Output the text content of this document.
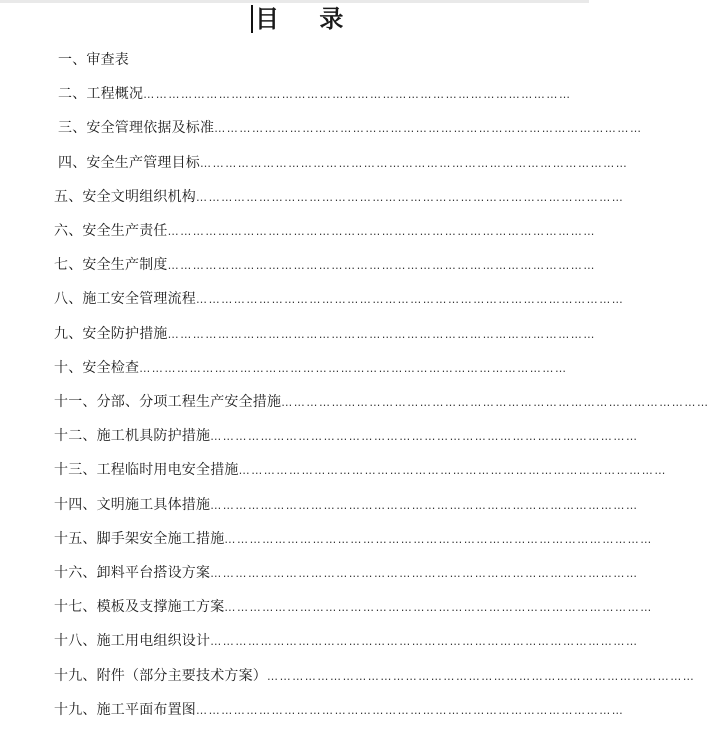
目 录
一、审查表
二、工程概况 …………………………………………………………………………………………
三、安全管理依据及标准 …………………………………………………………………………………………
四、安全生产管理目标 …………………………………………………………………………………………
五、安全文明组织机构 …………………………………………………………………………………………
六、安全生产责任 …………………………………………………………………………………………
七、安全生产制度 …………………………………………………………………………………………
八、施工安全管理流程 …………………………………………………………………………………………
九、安全防护措施 …………………………………………………………………………………………
十、安全检查 …………………………………………………………………………………………
十一、分部、分项工程生产安全措施 …………………………………………………………………………………………
十二、施工机具防护措施 …………………………………………………………………………………………
十三、工程临时用电安全措施 …………………………………………………………………………………………
十四、文明施工具体措施 …………………………………………………………………………………………
十五、脚手架安全施工措施 …………………………………………………………………………………………
十六、卸料平台搭设方案 …………………………………………………………………………………………
十七、模板及支撑施工方案 …………………………………………………………………………………………
十八、施工用电组织设计 …………………………………………………………………………………………
十九、附件（部分主要技术方案） …………………………………………………………………………………………
十九、施工平面布置图 …………………………………………………………………………………………
